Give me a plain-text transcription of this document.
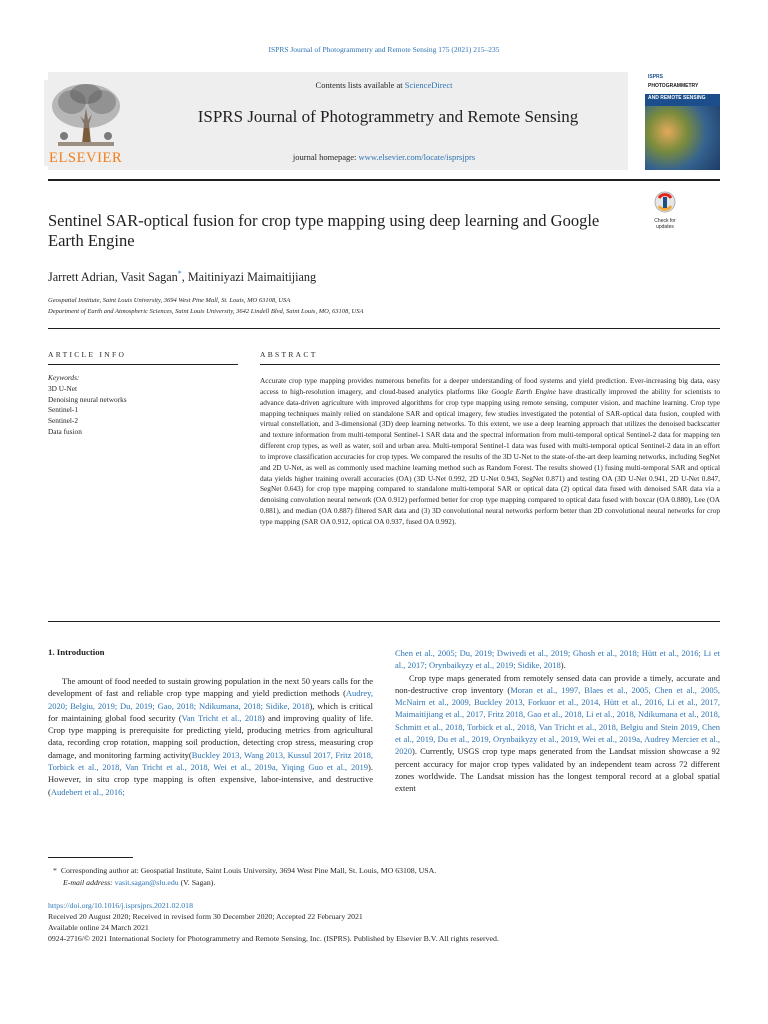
ISPRS Journal of Photogrammetry and Remote Sensing 175 (2021) 215–235
ELSEVIER
Contents lists available at ScienceDirect
ISPRS Journal of Photogrammetry and Remote Sensing
journal homepage: www.elsevier.com/locate/isprsjprs
ISPRS
PHOTOGRAMMETRY
AND REMOTE SENSING
Check for
updates
Sentinel SAR-optical fusion for crop type mapping using deep learning and Google Earth Engine
Jarrett Adrian, Vasit Sagan*, Maitiniyazi Maimaitijiang
Geospatial Institute, Saint Louis University, 3694 West Pine Mall, St. Louis, MO 63108, USA
Department of Earth and Atmospheric Sciences, Saint Louis University, 3642 Lindell Blvd, Saint Louis, MO, 63108, USA
ARTICLE INFO	ABSTRACT
Keywords:
3D U-Net
Denoising neural networks
Sentinel-1
Sentinel-2
Data fusion
Accurate crop type mapping provides numerous benefits for a deeper understanding of food systems and yield prediction. Ever-increasing big data, easy access to high-resolution imagery, and cloud-based analytics platforms like Google Earth Engine have drastically improved the ability for scientists to advance data-driven agriculture with improved algorithms for crop type mapping using remote sensing, computer vision, and machine learning. Crop type mapping techniques mainly relied on standalone SAR and optical imagery, few studies investigated the potential of SAR-optical data fusion, coupled with virtual constellation, and 3-dimensional (3D) deep learning networks. To this extent, we use a deep learning approach that utilizes the denoised backscatter and texture information from multi-temporal Sentinel-1 SAR data and the spectral information from multi-temporal optical Sentinel-2 data for mapping ten different crop types, as well as water, soil and urban area. Multi-temporal Sentinel-1 data was fused with multi-temporal optical Sentinel-2 data in an effort to improve classification accuracies for crop types. We compared the results of the 3D U-Net to the state-of-the-art deep learning networks, including SegNet and 2D U-Net, as well as commonly used machine learning method such as Random Forest. The results showed (1) fusing multi-temporal SAR and optical data yields higher training overall accuracies (OA) (3D U-Net 0.992, 2D U-Net 0.943, SegNet 0.871) and testing OA (3D U-Net 0.941, 2D U-Net 0.847, SegNet 0.643) for crop type mapping compared to standalone multi-temporal SAR or optical data (2) optical data fused with denoised SAR data via a denoising convolution neural network (OA 0.912) performed better for crop type mapping compared to optical data fused with boxcar (OA 0.880), Lee (OA 0.881), and median (OA 0.887) filtered SAR data and (3) 3D convolutional neural networks perform better than 2D convolutional neural networks for crop type mapping (SAR OA 0.912, optical OA 0.937, fused OA 0.992).
1. Introduction
The amount of food needed to sustain growing population in the next 50 years calls for the development of fast and reliable crop type mapping and yield prediction methods (Audrey, 2020; Belgiu, 2019; Du, 2019; Gao, 2018; Ndikumana, 2018; Sidike, 2018), which is critical for maintaining global food security (Van Tricht et al., 2018) and improving quality of life. Crop type mapping is prerequisite for predicting yield, producing metrics from agricultural data, recording crop rotation, mapping soil production, detecting crop stress, measuring crop damage, and monitoring farming activity(Buckley 2013, Wang 2013, Kussul 2017, Fritz 2018, Torbick et al., 2018, Van Tricht et al., 2018, Wei et al., 2019a, Yiqing Guo et al., 2019). However, in situ crop type mapping is often expensive, labor-intensive, and destructive (Audebert et al., 2016;
Chen et al., 2005; Du, 2019; Dwivedi et al., 2019; Ghosh et al., 2018; Hütt et al., 2016; Li et al., 2017; Orynbaikyzy et al., 2019; Sidike, 2018).
Crop type maps generated from remotely sensed data can provide a timely, accurate and non-destructive crop inventory (Moran et al., 1997, Blaes et al., 2005, Chen et al., 2005, McNairn et al., 2009, Buckley 2013, Forkuor et al., 2014, Hütt et al., 2016, Li et al., 2017, Maimaitijiang et al., 2017, Fritz 2018, Gao et al., 2018, Li et al., 2018, Ndikumana et al., 2018, Schmitt et al., 2018, Torbick et al., 2018, Van Tricht et al., 2018, Belgiu and Stein 2019, Chen et al., 2019, Du et al., 2019, Orynbaikyzy et al., 2019, Wei et al., 2019a, Audrey Mercier et al., 2020). Currently, USGS crop type maps generated from the Landsat mission showcase a 92 percent accuracy for major crop types validated by an independent team across 72 different zones worldwide. The Landsat mission has the longest temporal record at a global spatial extent
* Corresponding author at: Geospatial Institute, Saint Louis University, 3694 West Pine Mall, St. Louis, MO 63108, USA.
E-mail address: vasit.sagan@slu.edu (V. Sagan).
https://doi.org/10.1016/j.isprsjprs.2021.02.018
Received 20 August 2020; Received in revised form 30 December 2020; Accepted 22 February 2021
Available online 24 March 2021
0924-2716/© 2021 International Society for Photogrammetry and Remote Sensing, Inc. (ISPRS). Published by Elsevier B.V. All rights reserved.
